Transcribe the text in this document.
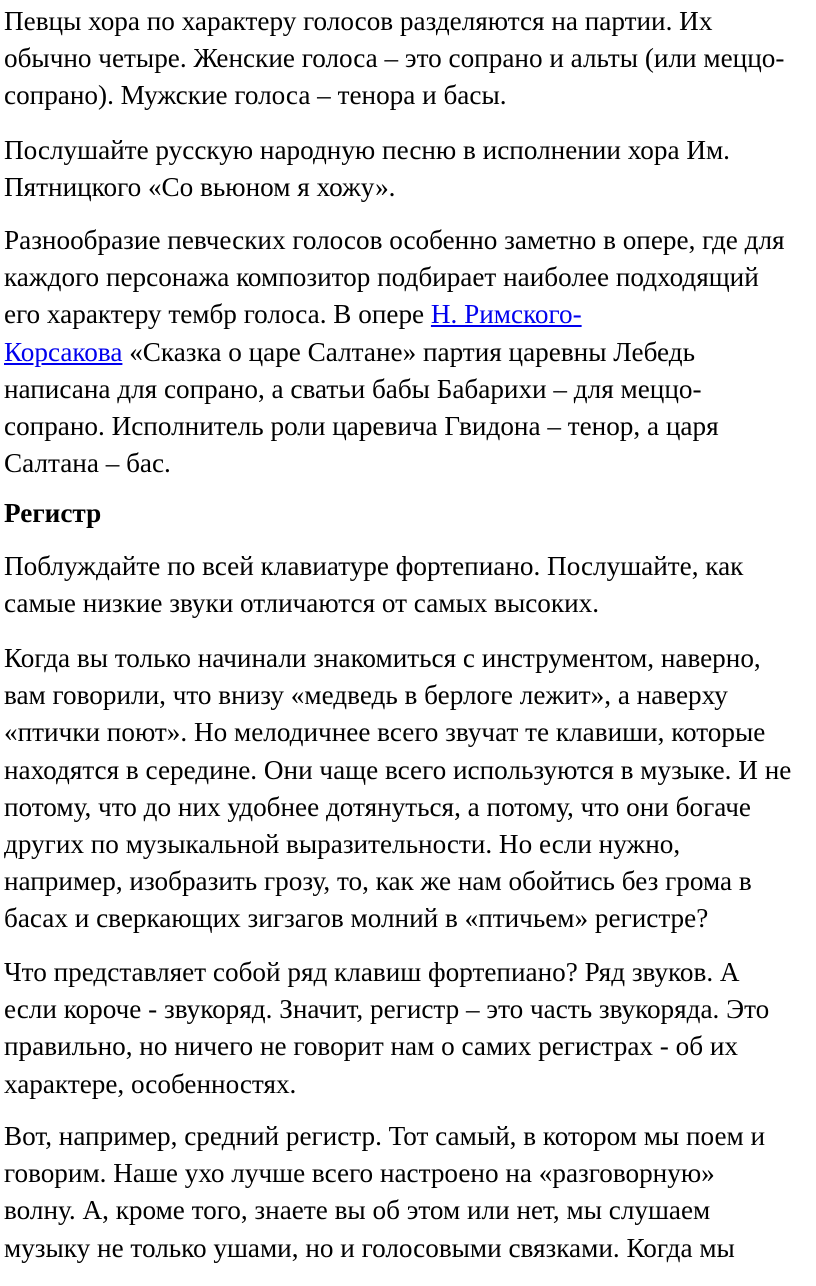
Певцы хора по характеру голосов разделяются на партии. Их
обычно четыре. Женские голоса – это сопрано и альты (или меццо-
сопрано). Мужские голоса – тенора и басы.

Послушайте русскую народную песню в исполнении хора Им.
Пятницкого «Со вьюном я хожу».

Разнообразие певческих голосов особенно заметно в опере, где для
каждого персонажа композитор подбирает наиболее подходящий
его характеру тембр голоса. В опере Н. Римского-
Корсакова «Сказка о царе Салтане» партия царевны Лебедь
написана для сопрано, а сватьи бабы Бабарихи – для меццо-
сопрано. Исполнитель роли царевича Гвидона – тенор, а царя
Салтана – бас.

Регистр

Поблуждайте по всей клавиатуре фортепиано. Послушайте, как
самые низкие звуки отличаются от самых высоких.

Когда вы только начинали знакомиться с инструментом, наверно,
вам говорили, что внизу «медведь в берлоге лежит», а наверху
«птички поют». Но мелодичнее всего звучат те клавиши, которые
находятся в середине. Они чаще всего используются в музыке. И не
потому, что до них удобнее дотянуться, а потому, что они богаче
других по музыкальной выразительности. Но если нужно,
например, изобразить грозу, то, как же нам обойтись без грома в
басах и сверкающих зигзагов молний в «птичьем» регистре?

Что представляет собой ряд клавиш фортепиано? Ряд звуков. А
если короче - звукоряд. Значит, регистр – это часть звукоряда. Это
правильно, но ничего не говорит нам о самих регистрах - об их
характере, особенностях.

Вот, например, средний регистр. Тот самый, в котором мы поем и
говорим. Наше ухо лучше всего настроено на «разговорную»
волну. А, кроме того, знаете вы об этом или нет, мы слушаем
музыку не только ушами, но и голосовыми связками. Когда мы
